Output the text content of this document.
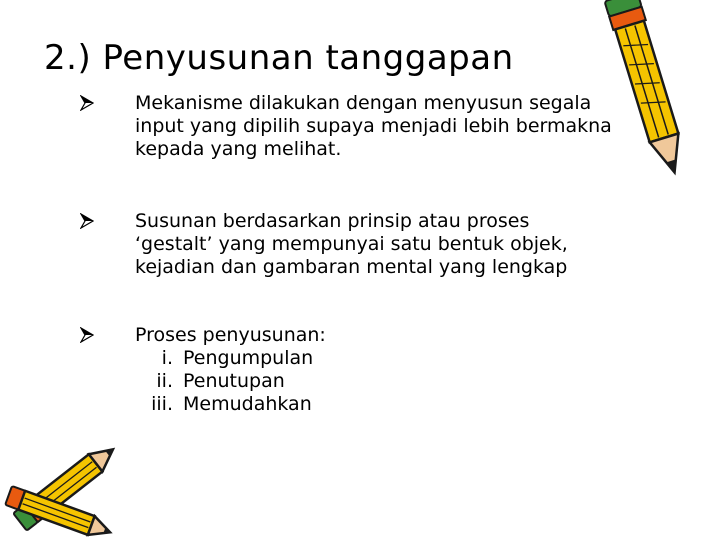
2.) Penyusunan tanggapan
Mekanisme dilakukan dengan menyusun segala
input yang dipilih supaya menjadi lebih bermakna
kepada yang melihat.
Susunan berdasarkan prinsip atau proses
‘gestalt’ yang mempunyai satu bentuk objek,
kejadian dan gambaran mental yang lengkap
Proses penyusunan:
i. Pengumpulan
ii. Penutupan
iii. Memudahkan
